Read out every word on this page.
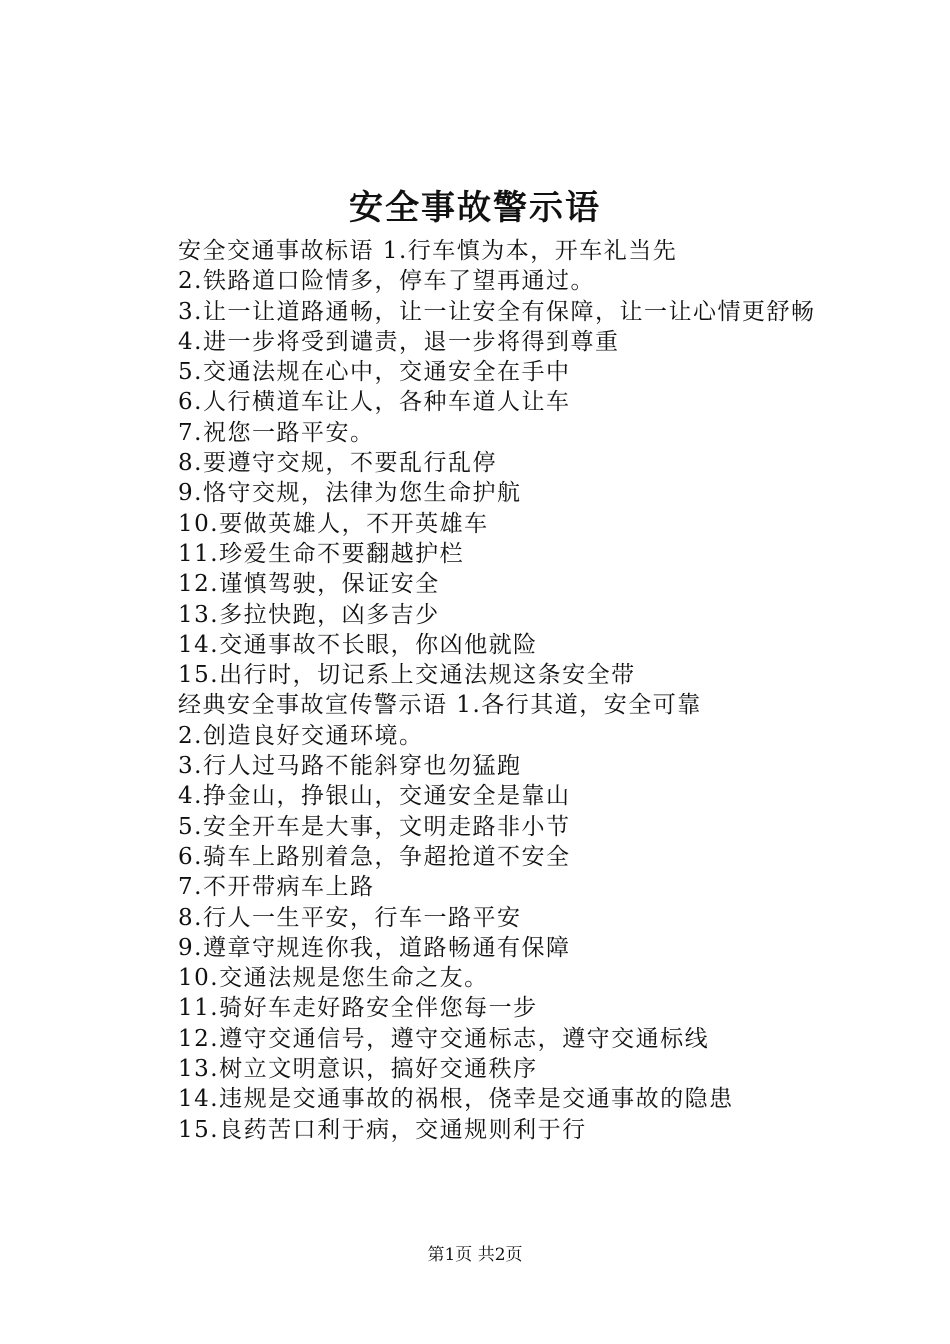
安全事故警示语
安全交通事故标语 1.行车慎为本，开车礼当先
2.铁路道口险情多，停车了望再通过。
3.让一让道路通畅，让一让安全有保障，让一让心情更舒畅
4.进一步将受到谴责，退一步将得到尊重
5.交通法规在心中，交通安全在手中
6.人行横道车让人，各种车道人让车
7.祝您一路平安。
8.要遵守交规，不要乱行乱停
9.恪守交规，法律为您生命护航
10.要做英雄人，不开英雄车
11.珍爱生命不要翻越护栏
12.谨慎驾驶，保证安全
13.多拉快跑，凶多吉少
14.交通事故不长眼，你凶他就险
15.出行时，切记系上交通法规这条安全带
经典安全事故宣传警示语 1.各行其道，安全可靠
2.创造良好交通环境。
3.行人过马路不能斜穿也勿猛跑
4.挣金山，挣银山，交通安全是靠山
5.安全开车是大事，文明走路非小节
6.骑车上路别着急，争超抢道不安全
7.不开带病车上路
8.行人一生平安，行车一路平安
9.遵章守规连你我，道路畅通有保障
10.交通法规是您生命之友。
11.骑好车走好路安全伴您每一步
12.遵守交通信号，遵守交通标志，遵守交通标线
13.树立文明意识，搞好交通秩序
14.违规是交通事故的祸根，侥幸是交通事故的隐患
15.良药苦口利于病，交通规则利于行
第1页 共2页
